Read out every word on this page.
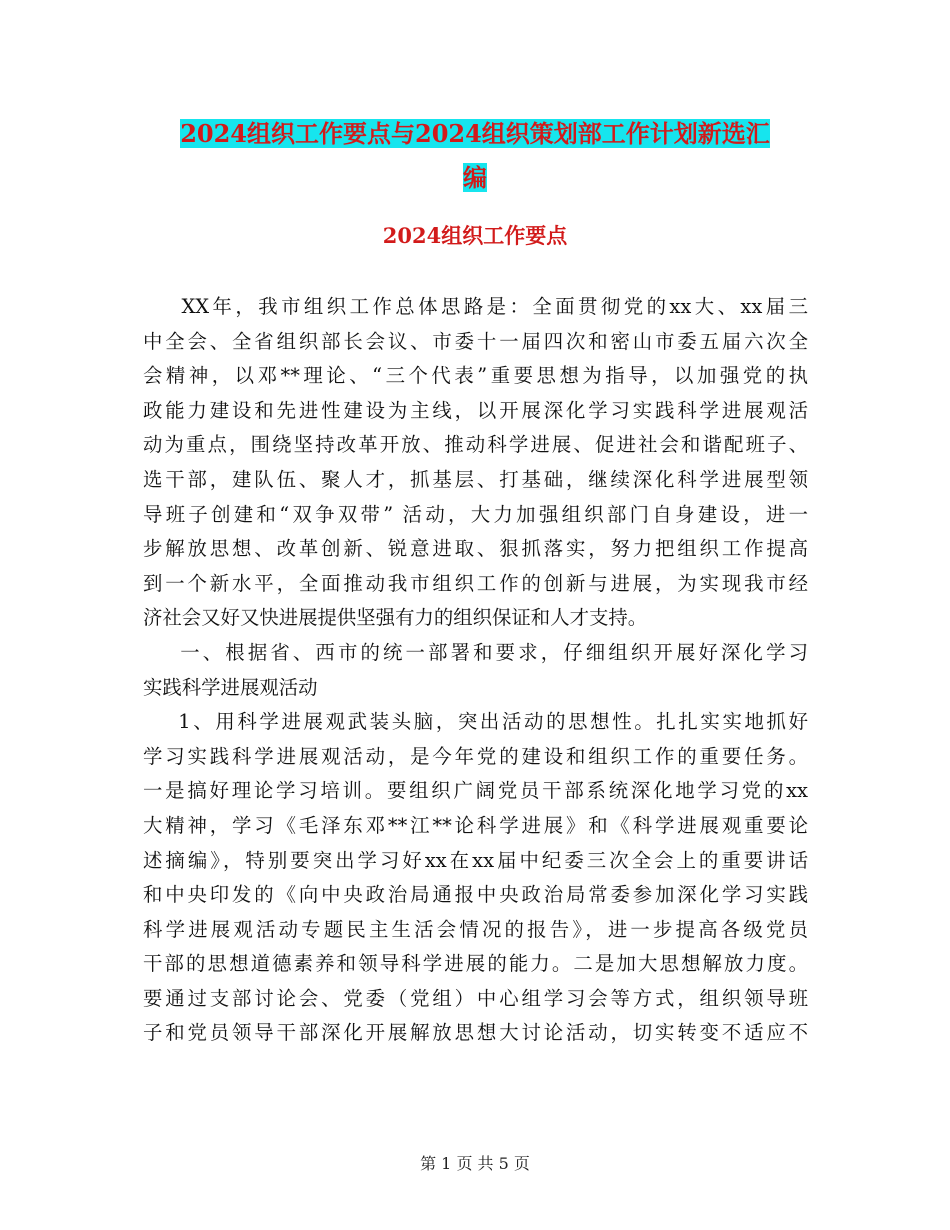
2024组织工作要点与2024组织策划部工作计划新选汇
编
2024组织工作要点
XX年，我市组织工作总体思路是：全面贯彻党的xx大、xx届三
中全会、全省组织部长会议、市委十一届四次和密山市委五届六次全
会精神，以邓**理论、“三个代表”重要思想为指导，以加强党的执
政能力建设和先进性建设为主线，以开展深化学习实践科学进展观活
动为重点，围绕坚持改革开放、推动科学进展、促进社会和谐配班子、
选干部，建队伍、聚人才，抓基层、打基础，继续深化科学进展型领
导班子创建和“双争双带” 活动，大力加强组织部门自身建设，进一
步解放思想、改革创新、锐意进取、狠抓落实，努力把组织工作提高
到一个新水平，全面推动我市组织工作的创新与进展，为实现我市经
济社会又好又快进展提供坚强有力的组织保证和人才支持。
一、根据省、西市的统一部署和要求，仔细组织开展好深化学习
实践科学进展观活动
1、用科学进展观武装头脑，突出活动的思想性。扎扎实实地抓好
学习实践科学进展观活动，是今年党的建设和组织工作的重要任务。
一是搞好理论学习培训。要组织广阔党员干部系统深化地学习党的xx
大精神，学习《毛泽东邓**江**论科学进展》和《科学进展观重要论
述摘编》，特别要突出学习好xx在xx届中纪委三次全会上的重要讲话
和中央印发的《向中央政治局通报中央政治局常委参加深化学习实践
科学进展观活动专题民主生活会情况的报告》，进一步提高各级党员
干部的思想道德素养和领导科学进展的能力。二是加大思想解放力度。
要通过支部讨论会、党委（党组）中心组学习会等方式，组织领导班
子和党员领导干部深化开展解放思想大讨论活动，切实转变不适应不
第 1 页 共 5 页
